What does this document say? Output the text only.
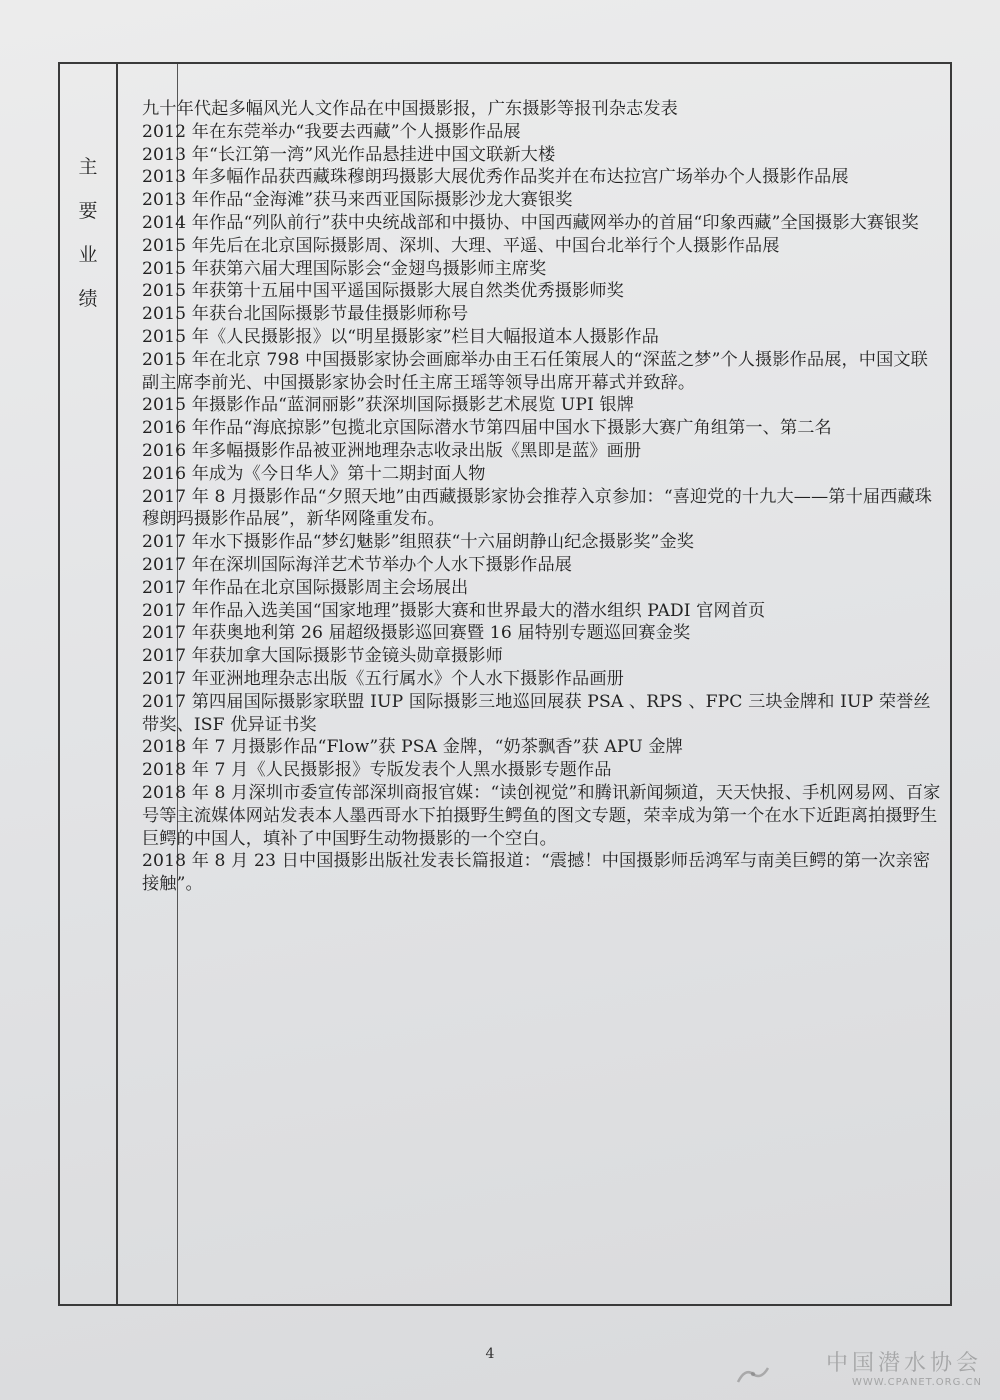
主
要
业
绩

九十年代起多幅风光人文作品在中国摄影报，广东摄影等报刊杂志发表

2012 年在东莞举办“我要去西藏”个人摄影作品展

2013 年“长江第一湾”风光作品悬挂进中国文联新大楼

2013 年多幅作品获西藏珠穆朗玛摄影大展优秀作品奖并在布达拉宫广场举办个人摄影作品展

2013 年作品“金海滩”获马来西亚国际摄影沙龙大赛银奖

2014 年作品“列队前行”获中央统战部和中摄协、中国西藏网举办的首届“印象西藏”全国摄影大赛银奖

2015 年先后在北京国际摄影周、深圳、大理、平遥、中国台北举行个人摄影作品展

2015 年获第六届大理国际影会“金翅鸟摄影师主席奖

2015 年获第十五届中国平遥国际摄影大展自然类优秀摄影师奖

2015 年获台北国际摄影节最佳摄影师称号

2015 年《人民摄影报》以“明星摄影家”栏目大幅报道本人摄影作品

2015 年在北京 798 中国摄影家协会画廊举办由王石任策展人的“深蓝之梦”个人摄影作品展，中国文联副主席李前光、中国摄影家协会时任主席王瑶等领导出席开幕式并致辞。

2015 年摄影作品“蓝洞丽影”获深圳国际摄影艺术展览 UPI 银牌

2016 年作品“海底掠影”包揽北京国际潜水节第四届中国水下摄影大赛广角组第一、第二名

2016 年多幅摄影作品被亚洲地理杂志收录出版《黑即是蓝》画册

2016 年成为《今日华人》第十二期封面人物

2017 年 8 月摄影作品“夕照天地”由西藏摄影家协会推荐入京参加：“喜迎党的十九大——第十届西藏珠穆朗玛摄影作品展”，新华网隆重发布。

2017 年水下摄影作品“梦幻魅影”组照获“十六届朗静山纪念摄影奖”金奖

2017 年在深圳国际海洋艺术节举办个人水下摄影作品展

2017 年作品在北京国际摄影周主会场展出

2017 年作品入选美国“国家地理”摄影大赛和世界最大的潜水组织 PADI 官网首页

2017 年获奥地利第 26 届超级摄影巡回赛暨 16 届特别专题巡回赛金奖

2017 年获加拿大国际摄影节金镜头勋章摄影师

2017 年亚洲地理杂志出版《五行属水》个人水下摄影作品画册

2017 第四届国际摄影家联盟 IUP 国际摄影三地巡回展获 PSA 、RPS 、FPC 三块金牌和 IUP 荣誉丝带奖、ISF 优异证书奖

2018 年 7 月摄影作品“Flow”获 PSA 金牌，“奶茶飘香”获 APU 金牌

2018 年 7 月《人民摄影报》专版发表个人黑水摄影专题作品

2018 年 8 月深圳市委宣传部深圳商报官媒：“读创视觉”和腾讯新闻频道，天天快报、手机网易网、百家号等主流媒体网站发表本人墨西哥水下拍摄野生鳄鱼的图文专题，荣幸成为第一个在水下近距离拍摄野生巨鳄的中国人，填补了中国野生动物摄影的一个空白。

2018 年 8 月 23 日中国摄影出版社发表长篇报道：“震撼！中国摄影师岳鸿军与南美巨鳄的第一次亲密接触”。

4	中国潜水协会
WWW.CPANET.ORG.CN
